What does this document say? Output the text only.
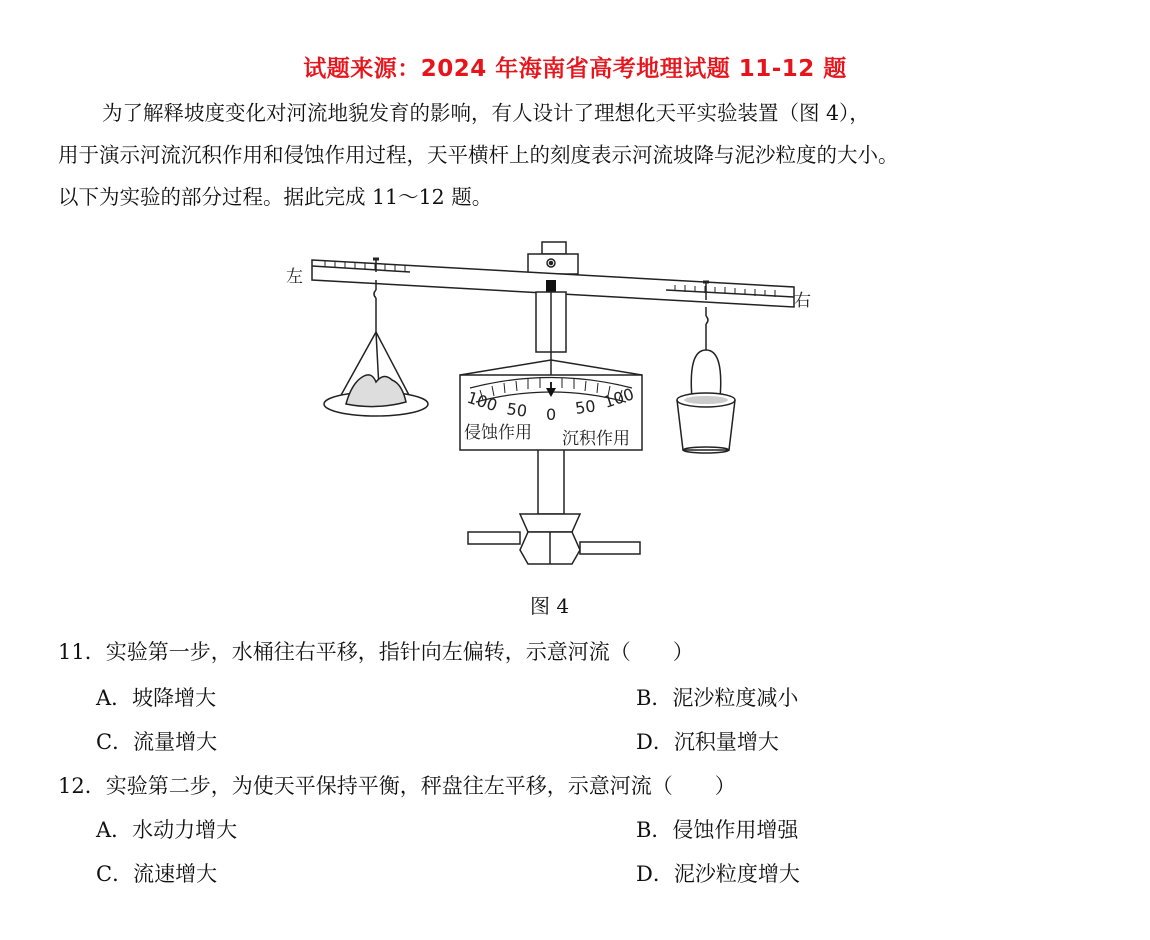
试题来源：2024 年海南省高考地理试题 11-12 题

为了解释坡度变化对河流地貌发育的影响，有人设计了理想化天平实验装置（图 4），

用于演示河流沉积作用和侵蚀作用过程，天平横杆上的刻度表示河流坡降与泥沙粒度的大小。

以下为实验的部分过程。据此完成 11～12 题。

左
右
100 50 0 50 100
侵蚀作用 沉积作用
图 4
11．实验第一步，水桶往右平移，指针向左偏转，示意河流（　　）
A．坡降增大	B．泥沙粒度减小
C．流量增大	D．沉积量增大
12．实验第二步，为使天平保持平衡，秤盘往左平移，示意河流（　　）
A．水动力增大	B．侵蚀作用增强
C．流速增大	D．泥沙粒度增大
